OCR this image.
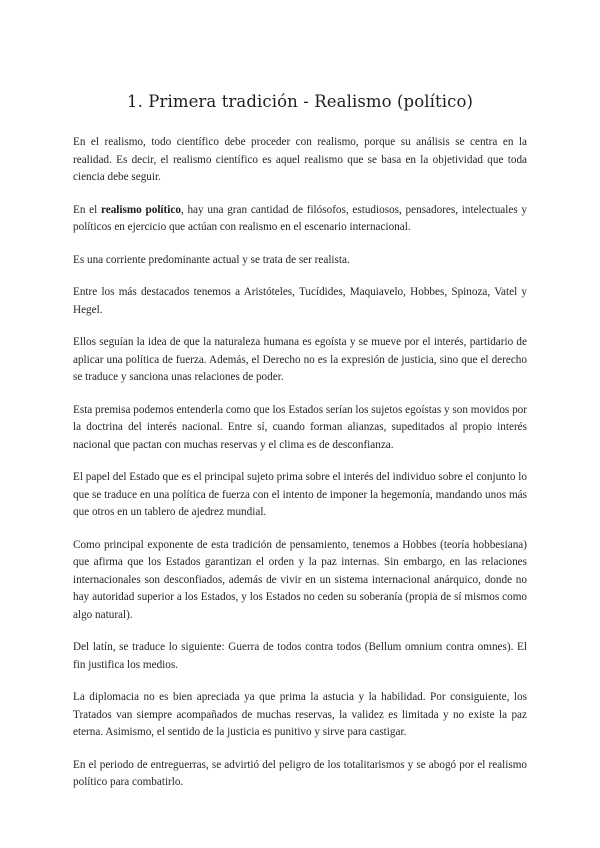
1. Primera tradición - Realismo (político)

En el realismo, todo científico debe proceder con realismo, porque su análisis se centra en la realidad. Es decir, el realismo científico es aquel realismo que se basa en la objetividad que toda ciencia debe seguir.

En el realismo político, hay una gran cantidad de filósofos, estudiosos, pensadores, intelectuales y políticos en ejercicio que actúan con realismo en el escenario internacional.

Es una corriente predominante actual y se trata de ser realista.

Entre los más destacados tenemos a Aristóteles, Tucídides, Maquiavelo, Hobbes, Spinoza, Vatel y Hegel.

Ellos seguían la idea de que la naturaleza humana es egoísta y se mueve por el interés, partidario de aplicar una política de fuerza. Además, el Derecho no es la expresión de justicia, sino que el derecho se traduce y sanciona unas relaciones de poder.

Esta premisa podemos entenderla como que los Estados serían los sujetos egoístas y son movidos por la doctrina del interés nacional. Entre sí, cuando forman alianzas, supeditados al propio interés nacional que pactan con muchas reservas y el clima es de desconfianza.

El papel del Estado que es el principal sujeto prima sobre el interés del individuo sobre el conjunto lo que se traduce en una política de fuerza con el intento de imponer la hegemonía, mandando unos más que otros en un tablero de ajedrez mundial.

Como principal exponente de esta tradición de pensamiento, tenemos a Hobbes (teoría hobbesiana) que afirma que los Estados garantizan el orden y la paz internas. Sin embargo, en las relaciones internacionales son desconfiados, además de vivir en un sistema internacional anárquico, donde no hay autoridad superior a los Estados, y los Estados no ceden su soberanía (propia de sí mismos como algo natural).

Del latín, se traduce lo siguiente: Guerra de todos contra todos (Bellum omnium contra omnes). El fin justifica los medios.

La diplomacia no es bien apreciada ya que prima la astucia y la habilidad. Por consiguiente, los Tratados van siempre acompañados de muchas reservas, la validez es limitada y no existe la paz eterna. Asimismo, el sentido de la justicia es punitivo y sirve para castigar.

En el periodo de entreguerras, se advirtió del peligro de los totalitarismos y se abogó por el realismo político para combatirlo.
